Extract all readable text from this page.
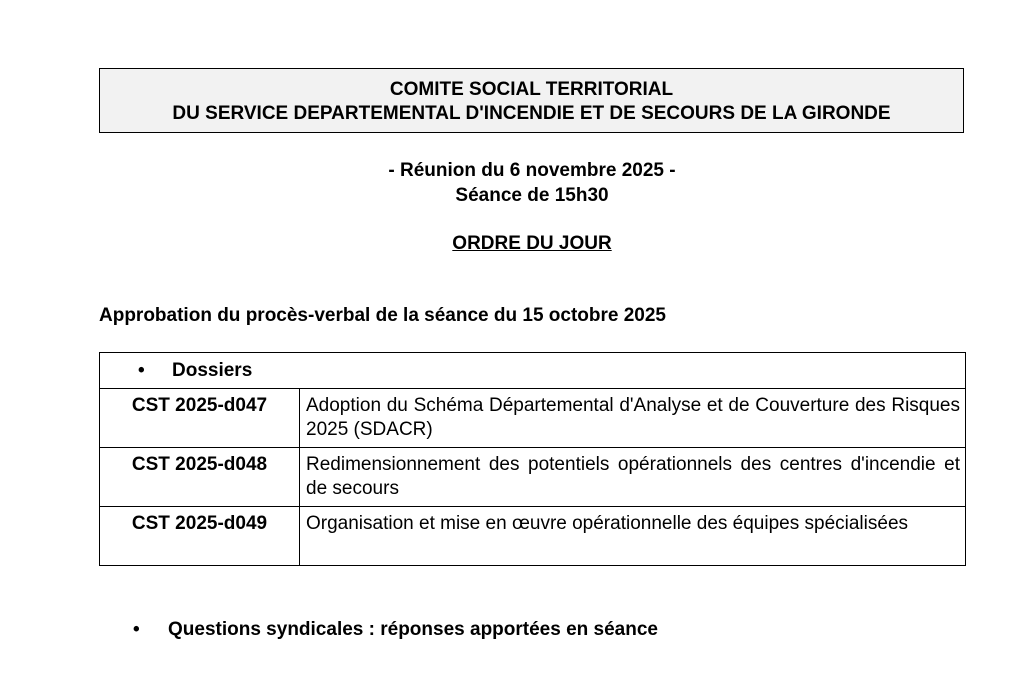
COMITE SOCIAL TERRITORIAL
DU SERVICE DEPARTEMENTAL D'INCENDIE ET DE SECOURS DE LA GIRONDE
- Réunion du 6 novembre 2025 -
Séance de 15h30
ORDRE DU JOUR
Approbation du procès-verbal de la séance du 15 octobre 2025
• Dossiers	
CST 2025-d047	Adoption du Schéma Départemental d'Analyse et de Couverture des Risques 2025 (SDACR)
CST 2025-d048	Redimensionnement des potentiels opérationnels des centres d'incendie et de secours
CST 2025-d049	Organisation et mise en œuvre opérationnelle des équipes spécialisées
• Questions syndicales : réponses apportées en séance
